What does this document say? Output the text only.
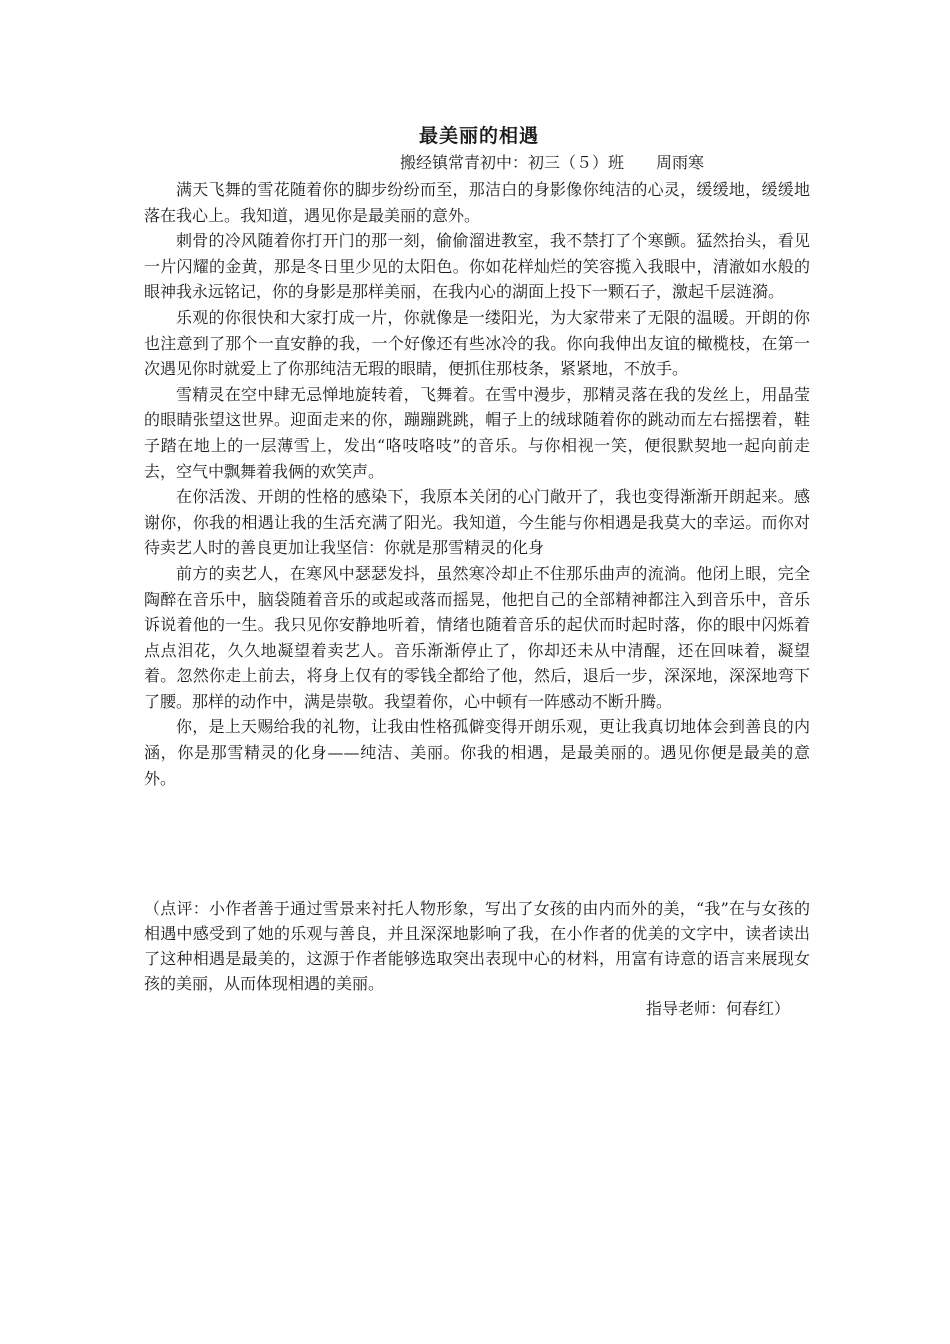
最美丽的相遇
搬经镇常青初中：初三（５）班　　周雨寒

满天飞舞的雪花随着你的脚步纷纷而至，那洁白的身影像你纯洁的心灵，缓缓地，缓缓地落在我心上。我知道，遇见你是最美丽的意外。

刺骨的冷风随着你打开门的那一刻，偷偷溜进教室，我不禁打了个寒颤。猛然抬头，看见一片闪耀的金黄，那是冬日里少见的太阳色。你如花样灿烂的笑容揽入我眼中，清澈如水般的眼神我永远铭记，你的身影是那样美丽，在我内心的湖面上投下一颗石子，激起千层涟漪。

乐观的你很快和大家打成一片，你就像是一缕阳光，为大家带来了无限的温暖。开朗的你也注意到了那个一直安静的我，一个好像还有些冰冷的我。你向我伸出友谊的橄榄枝，在第一次遇见你时就爱上了你那纯洁无瑕的眼睛，便抓住那枝条，紧紧地，不放手。

雪精灵在空中肆无忌惮地旋转着，飞舞着。在雪中漫步，那精灵落在我的发丝上，用晶莹的眼睛张望这世界。迎面走来的你，蹦蹦跳跳，帽子上的绒球随着你的跳动而左右摇摆着，鞋子踏在地上的一层薄雪上，发出“咯吱咯吱”的音乐。与你相视一笑，便很默契地一起向前走去，空气中飘舞着我俩的欢笑声。

在你活泼、开朗的性格的感染下，我原本关闭的心门敞开了，我也变得渐渐开朗起来。感谢你，你我的相遇让我的生活充满了阳光。我知道，今生能与你相遇是我莫大的幸运。而你对待卖艺人时的善良更加让我坚信：你就是那雪精灵的化身

前方的卖艺人，在寒风中瑟瑟发抖，虽然寒冷却止不住那乐曲声的流淌。他闭上眼，完全陶醉在音乐中，脑袋随着音乐的或起或落而摇晃，他把自己的全部精神都注入到音乐中，音乐诉说着他的一生。我只见你安静地听着，情绪也随着音乐的起伏而时起时落，你的眼中闪烁着点点泪花，久久地凝望着卖艺人。音乐渐渐停止了，你却还未从中清醒，还在回味着，凝望着。忽然你走上前去，将身上仅有的零钱全都给了他，然后，退后一步，深深地，深深地弯下了腰。那样的动作中，满是崇敬。我望着你，心中顿有一阵感动不断升腾。

你，是上天赐给我的礼物，让我由性格孤僻变得开朗乐观，更让我真切地体会到善良的内涵，你是那雪精灵的化身——纯洁、美丽。你我的相遇，是最美丽的。遇见你便是最美的意外。

（点评：小作者善于通过雪景来衬托人物形象，写出了女孩的由内而外的美，“我”在与女孩的相遇中感受到了她的乐观与善良，并且深深地影响了我，在小作者的优美的文字中，读者读出了这种相遇是最美的，这源于作者能够选取突出表现中心的材料，用富有诗意的语言来展现女孩的美丽，从而体现相遇的美丽。

指导老师：何春红）
